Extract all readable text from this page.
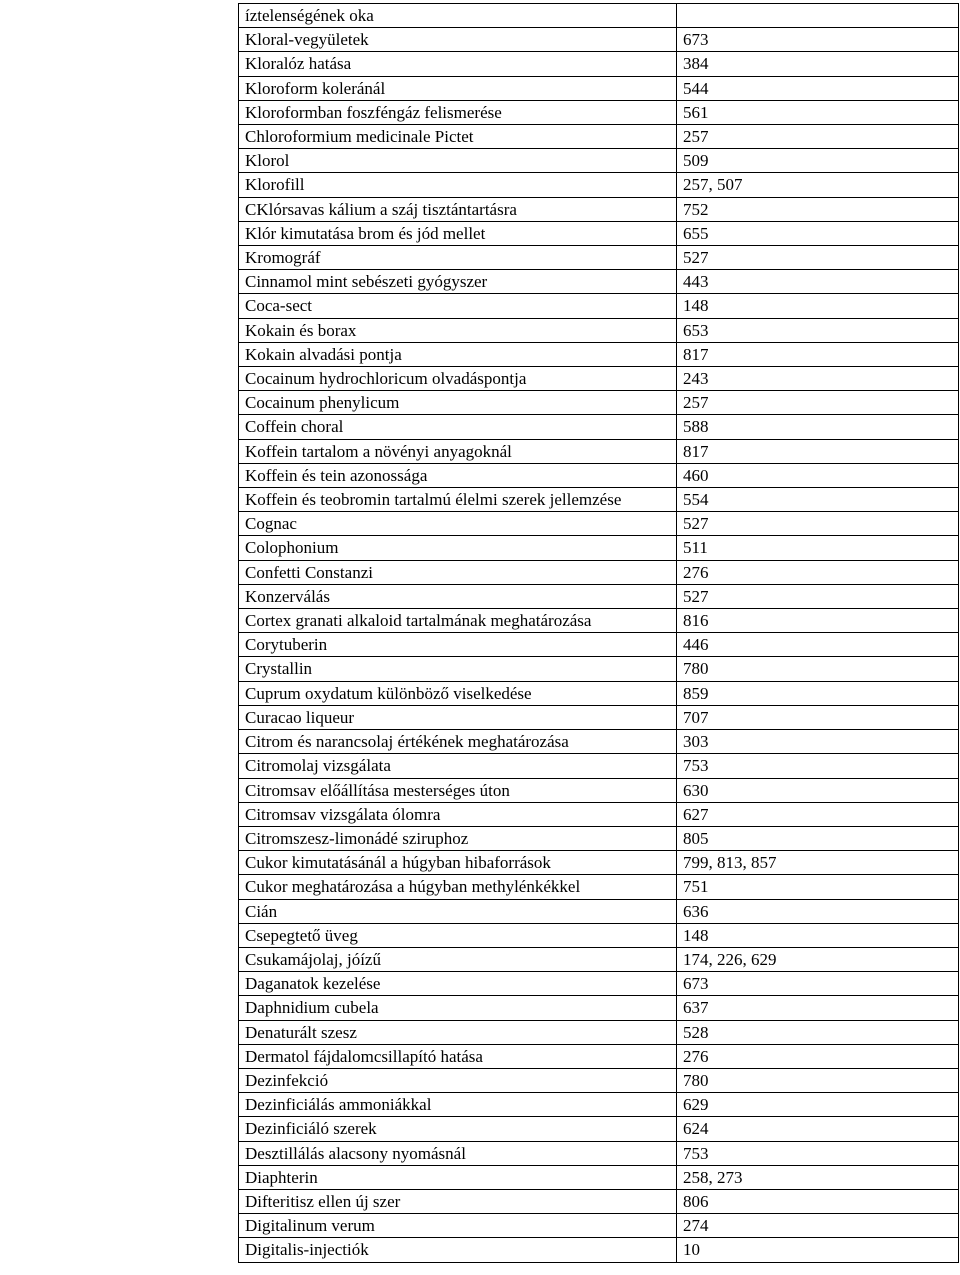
íztelenségének oka	
Kloral-vegyületek	673
Kloralóz hatása	384
Kloroform koleránál	544
Kloroformban foszféngáz felismerése	561
Chloroformium medicinale Pictet	257
Klorol	509
Klorofill	257, 507
CKlórsavas kálium a száj tisztántartásra	752
Klór kimutatása brom és jód mellet	655
Kromográf	527
Cinnamol mint sebészeti gyógyszer	443
Coca-sect	148
Kokain és borax	653
Kokain alvadási pontja	817
Cocainum hydrochloricum olvadáspontja	243
Cocainum phenylicum	257
Coffein choral	588
Koffein tartalom a növényi anyagoknál	817
Koffein és tein azonossága	460
Koffein és teobromin tartalmú élelmi szerek jellemzése	554
Cognac	527
Colophonium	511
Confetti Constanzi	276
Konzerválás	527
Cortex granati alkaloid tartalmának meghatározása	816
Corytuberin	446
Crystallin	780
Cuprum oxydatum különböző viselkedése	859
Curacao liqueur	707
Citrom és narancsolaj értékének meghatározása	303
Citromolaj vizsgálata	753
Citromsav előállítása mesterséges úton	630
Citromsav vizsgálata ólomra	627
Citromszesz-limonádé sziruphoz	805
Cukor kimutatásánál a húgyban hibaforrások	799, 813, 857
Cukor meghatározása a húgyban methylénkékkel	751
Cián	636
Csepegtető üveg	148
Csukamájolaj, jóízű	174, 226, 629
Daganatok kezelése	673
Daphnidium cubela	637
Denaturált szesz	528
Dermatol fájdalomcsillapító hatása	276
Dezinfekció	780
Dezinficiálás ammoniákkal	629
Dezinficiáló szerek	624
Desztillálás alacsony nyomásnál	753
Diaphterin	258, 273
Difteritisz ellen új szer	806
Digitalinum verum	274
Digitalis-injectiók	10
